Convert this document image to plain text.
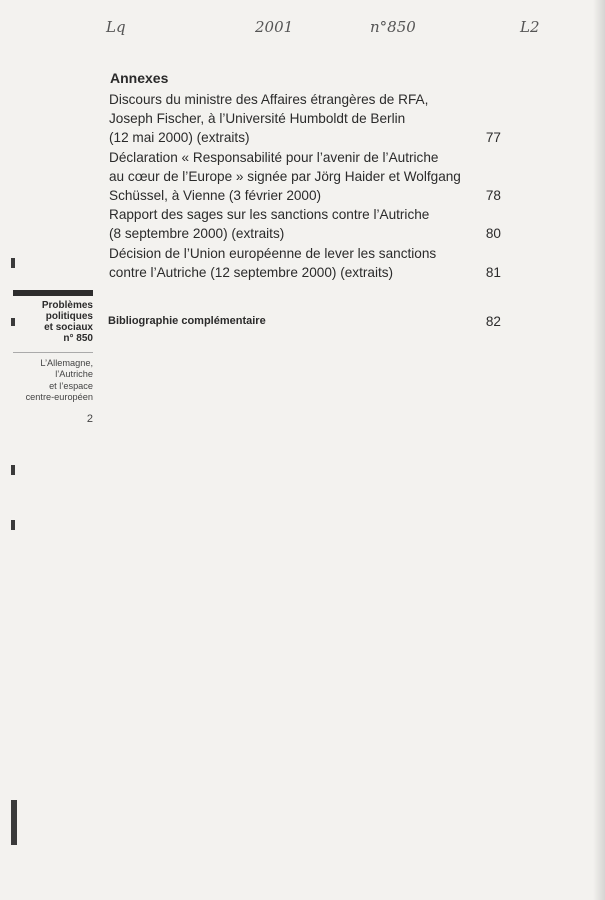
Lq	2001	n°850	L2
Annexes
Discours du ministre des Affaires étrangères de RFA,
Joseph Fischer, à l’Université Humboldt de Berlin
(12 mai 2000) (extraits)	77
Déclaration « Responsabilité pour l’avenir de l’Autriche
au cœur de l’Europe » signée par Jörg Haider et Wolfgang
Schüssel, à Vienne (3 février 2000)	78
Rapport des sages sur les sanctions contre l’Autriche
(8 septembre 2000) (extraits)	80
Décision de l’Union européenne de lever les sanctions
contre l’Autriche (12 septembre 2000) (extraits)	81
Bibliographie complémentaire	82
Problèmes
politiques
et sociaux
n° 850
L’Allemagne,
l’Autriche
et l’espace
centre-européen
2
